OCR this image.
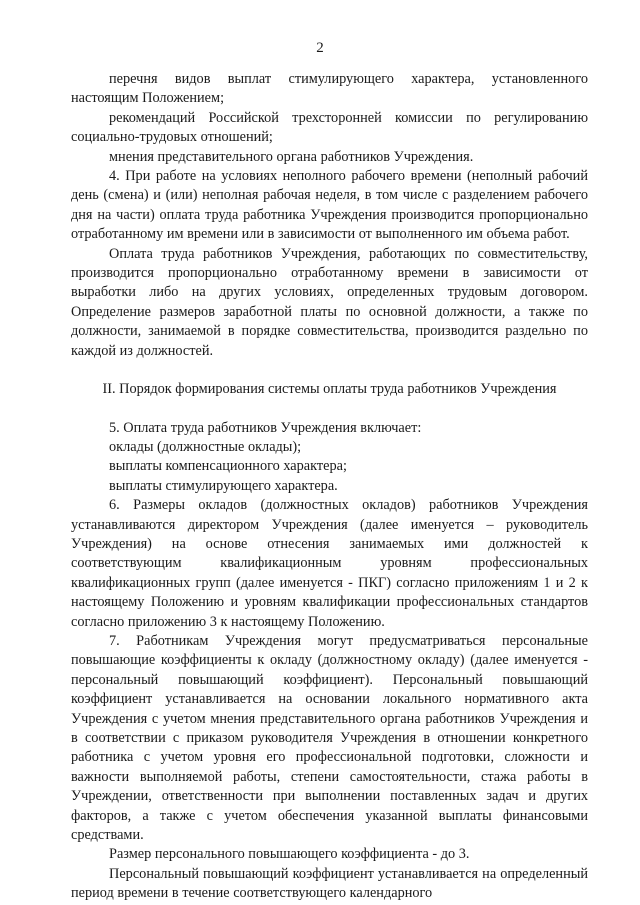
2

перечня видов выплат стимулирующего характера, установленного настоящим Положением;

рекомендаций Российской трехсторонней комиссии по регулированию социально-трудовых отношений;

мнения представительного органа работников Учреждения.

4. При работе на условиях неполного рабочего времени (неполный рабочий день (смена) и (или) неполная рабочая неделя, в том числе с разделением рабочего дня на части) оплата труда работника Учреждения производится пропорционально отработанному им времени или в зависимости от выполненного им объема работ.

Оплата труда работников Учреждения, работающих по совместительству, производится пропорционально отработанному времени в зависимости от выработки либо на других условиях, определенных трудовым договором. Определение размеров заработной платы по основной должности, а также по должности, занимаемой в порядке совместительства, производится раздельно по каждой из должностей.

II. Порядок формирования системы оплаты труда работников Учреждения

5. Оплата труда работников Учреждения включает:

оклады (должностные оклады);

выплаты компенсационного характера;

выплаты стимулирующего характера.

6. Размеры окладов (должностных окладов) работников Учреждения устанавливаются директором Учреждения (далее именуется – руководитель Учреждения) на основе отнесения занимаемых ими должностей к соответствующим квалификационным уровням профессиональных квалификационных групп (далее именуется - ПКГ) согласно приложениям 1 и 2 к настоящему Положению и уровням квалификации профессиональных стандартов согласно приложению 3 к настоящему Положению.

7. Работникам Учреждения могут предусматриваться персональные повышающие коэффициенты к окладу (должностному окладу) (далее именуется - персональный повышающий коэффициент). Персональный повышающий коэффициент устанавливается на основании локального нормативного акта Учреждения с учетом мнения представительного органа работников Учреждения и в соответствии с приказом руководителя Учреждения в отношении конкретного работника с учетом уровня его профессиональной подготовки, сложности и важности выполняемой работы, степени самостоятельности, стажа работы в Учреждении, ответственности при выполнении поставленных задач и других факторов, а также с учетом обеспечения указанной выплаты финансовыми средствами.

Размер персонального повышающего коэффициента - до 3.

Персональный повышающий коэффициент устанавливается на определенный период времени в течение соответствующего календарного
